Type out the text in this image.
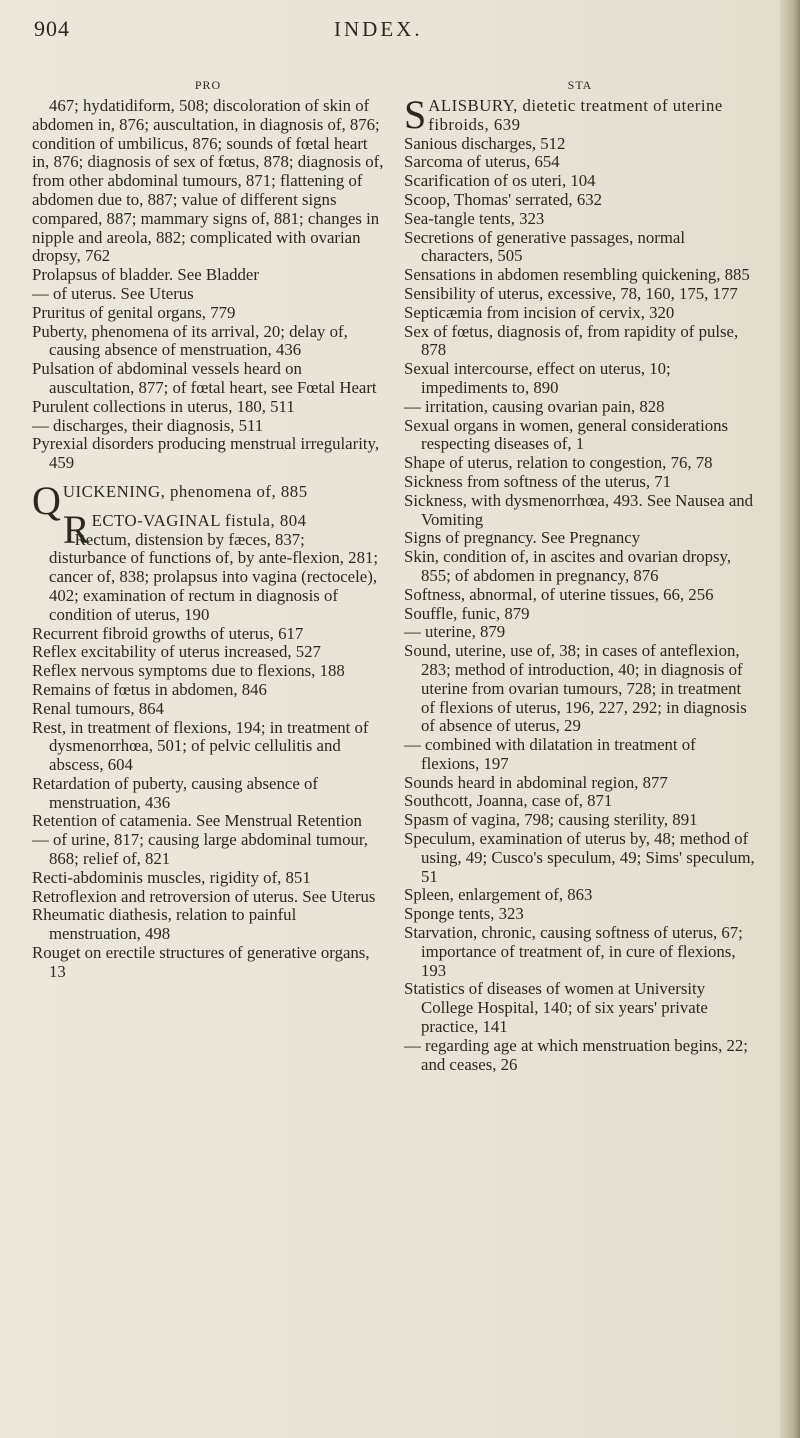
904	INDEX.
PRO
467; hydatidiform, 508; discoloration of skin of abdomen in, 876; auscultation, in diagnosis of, 876; condition of umbilicus, 876; sounds of fœtal heart in, 876; diagnosis of sex of fœtus, 878; diagnosis of, from other abdominal tumours, 871; flattening of abdomen due to, 887; value of different signs compared, 887; mammary signs of, 881; changes in nipple and areola, 882; complicated with ovarian dropsy, 762
Prolapsus of bladder. See Bladder
— of uterus. See Uterus
Pruritus of genital organs, 779
Puberty, phenomena of its arrival, 20; delay of, causing absence of menstruation, 436
Pulsation of abdominal vessels heard on auscultation, 877; of fœtal heart, see Fœtal Heart
Purulent collections in uterus, 180, 511
— discharges, their diagnosis, 511
Pyrexial disorders producing menstrual irregularity, 459
QUICKENING, phenomena of, 885
RECTO-VAGINAL fistula, 804
Rectum, distension by fæces, 837; disturbance of functions of, by ante-flexion, 281; cancer of, 838; prolapsus into vagina (rectocele), 402; examination of rectum in diagnosis of condition of uterus, 190
Recurrent fibroid growths of uterus, 617
Reflex excitability of uterus increased, 527
Reflex nervous symptoms due to flexions, 188
Remains of fœtus in abdomen, 846
Renal tumours, 864
Rest, in treatment of flexions, 194; in treatment of dysmenorrhœa, 501; of pelvic cellulitis and abscess, 604
Retardation of puberty, causing absence of menstruation, 436
Retention of catamenia. See Menstrual Retention
— of urine, 817; causing large abdominal tumour, 868; relief of, 821
Recti-abdominis muscles, rigidity of, 851
Retroflexion and retroversion of uterus. See Uterus
Rheumatic diathesis, relation to painful menstruation, 498
Rouget on erectile structures of generative organs, 13
STA
SALISBURY, dietetic treatment of uterine fibroids, 639
Sanious discharges, 512
Sarcoma of uterus, 654
Scarification of os uteri, 104
Scoop, Thomas' serrated, 632
Sea-tangle tents, 323
Secretions of generative passages, normal characters, 505
Sensations in abdomen resembling quickening, 885
Sensibility of uterus, excessive, 78, 160, 175, 177
Septicæmia from incision of cervix, 320
Sex of fœtus, diagnosis of, from rapidity of pulse, 878
Sexual intercourse, effect on uterus, 10; impediments to, 890
— irritation, causing ovarian pain, 828
Sexual organs in women, general considerations respecting diseases of, 1
Shape of uterus, relation to congestion, 76, 78
Sickness from softness of the uterus, 71
Sickness, with dysmenorrhœa, 493. See Nausea and Vomiting
Signs of pregnancy. See Pregnancy
Skin, condition of, in ascites and ovarian dropsy, 855; of abdomen in pregnancy, 876
Softness, abnormal, of uterine tissues, 66, 256
Souffle, funic, 879
— uterine, 879
Sound, uterine, use of, 38; in cases of anteflexion, 283; method of introduction, 40; in diagnosis of uterine from ovarian tumours, 728; in treatment of flexions of uterus, 196, 227, 292; in diagnosis of absence of uterus, 29
— combined with dilatation in treatment of flexions, 197
Sounds heard in abdominal region, 877
Southcott, Joanna, case of, 871
Spasm of vagina, 798; causing sterility, 891
Speculum, examination of uterus by, 48; method of using, 49; Cusco's speculum, 49; Sims' speculum, 51
Spleen, enlargement of, 863
Sponge tents, 323
Starvation, chronic, causing softness of uterus, 67; importance of treatment of, in cure of flexions, 193
Statistics of diseases of women at University College Hospital, 140; of six years' private practice, 141
— regarding age at which menstruation begins, 22; and ceases, 26
